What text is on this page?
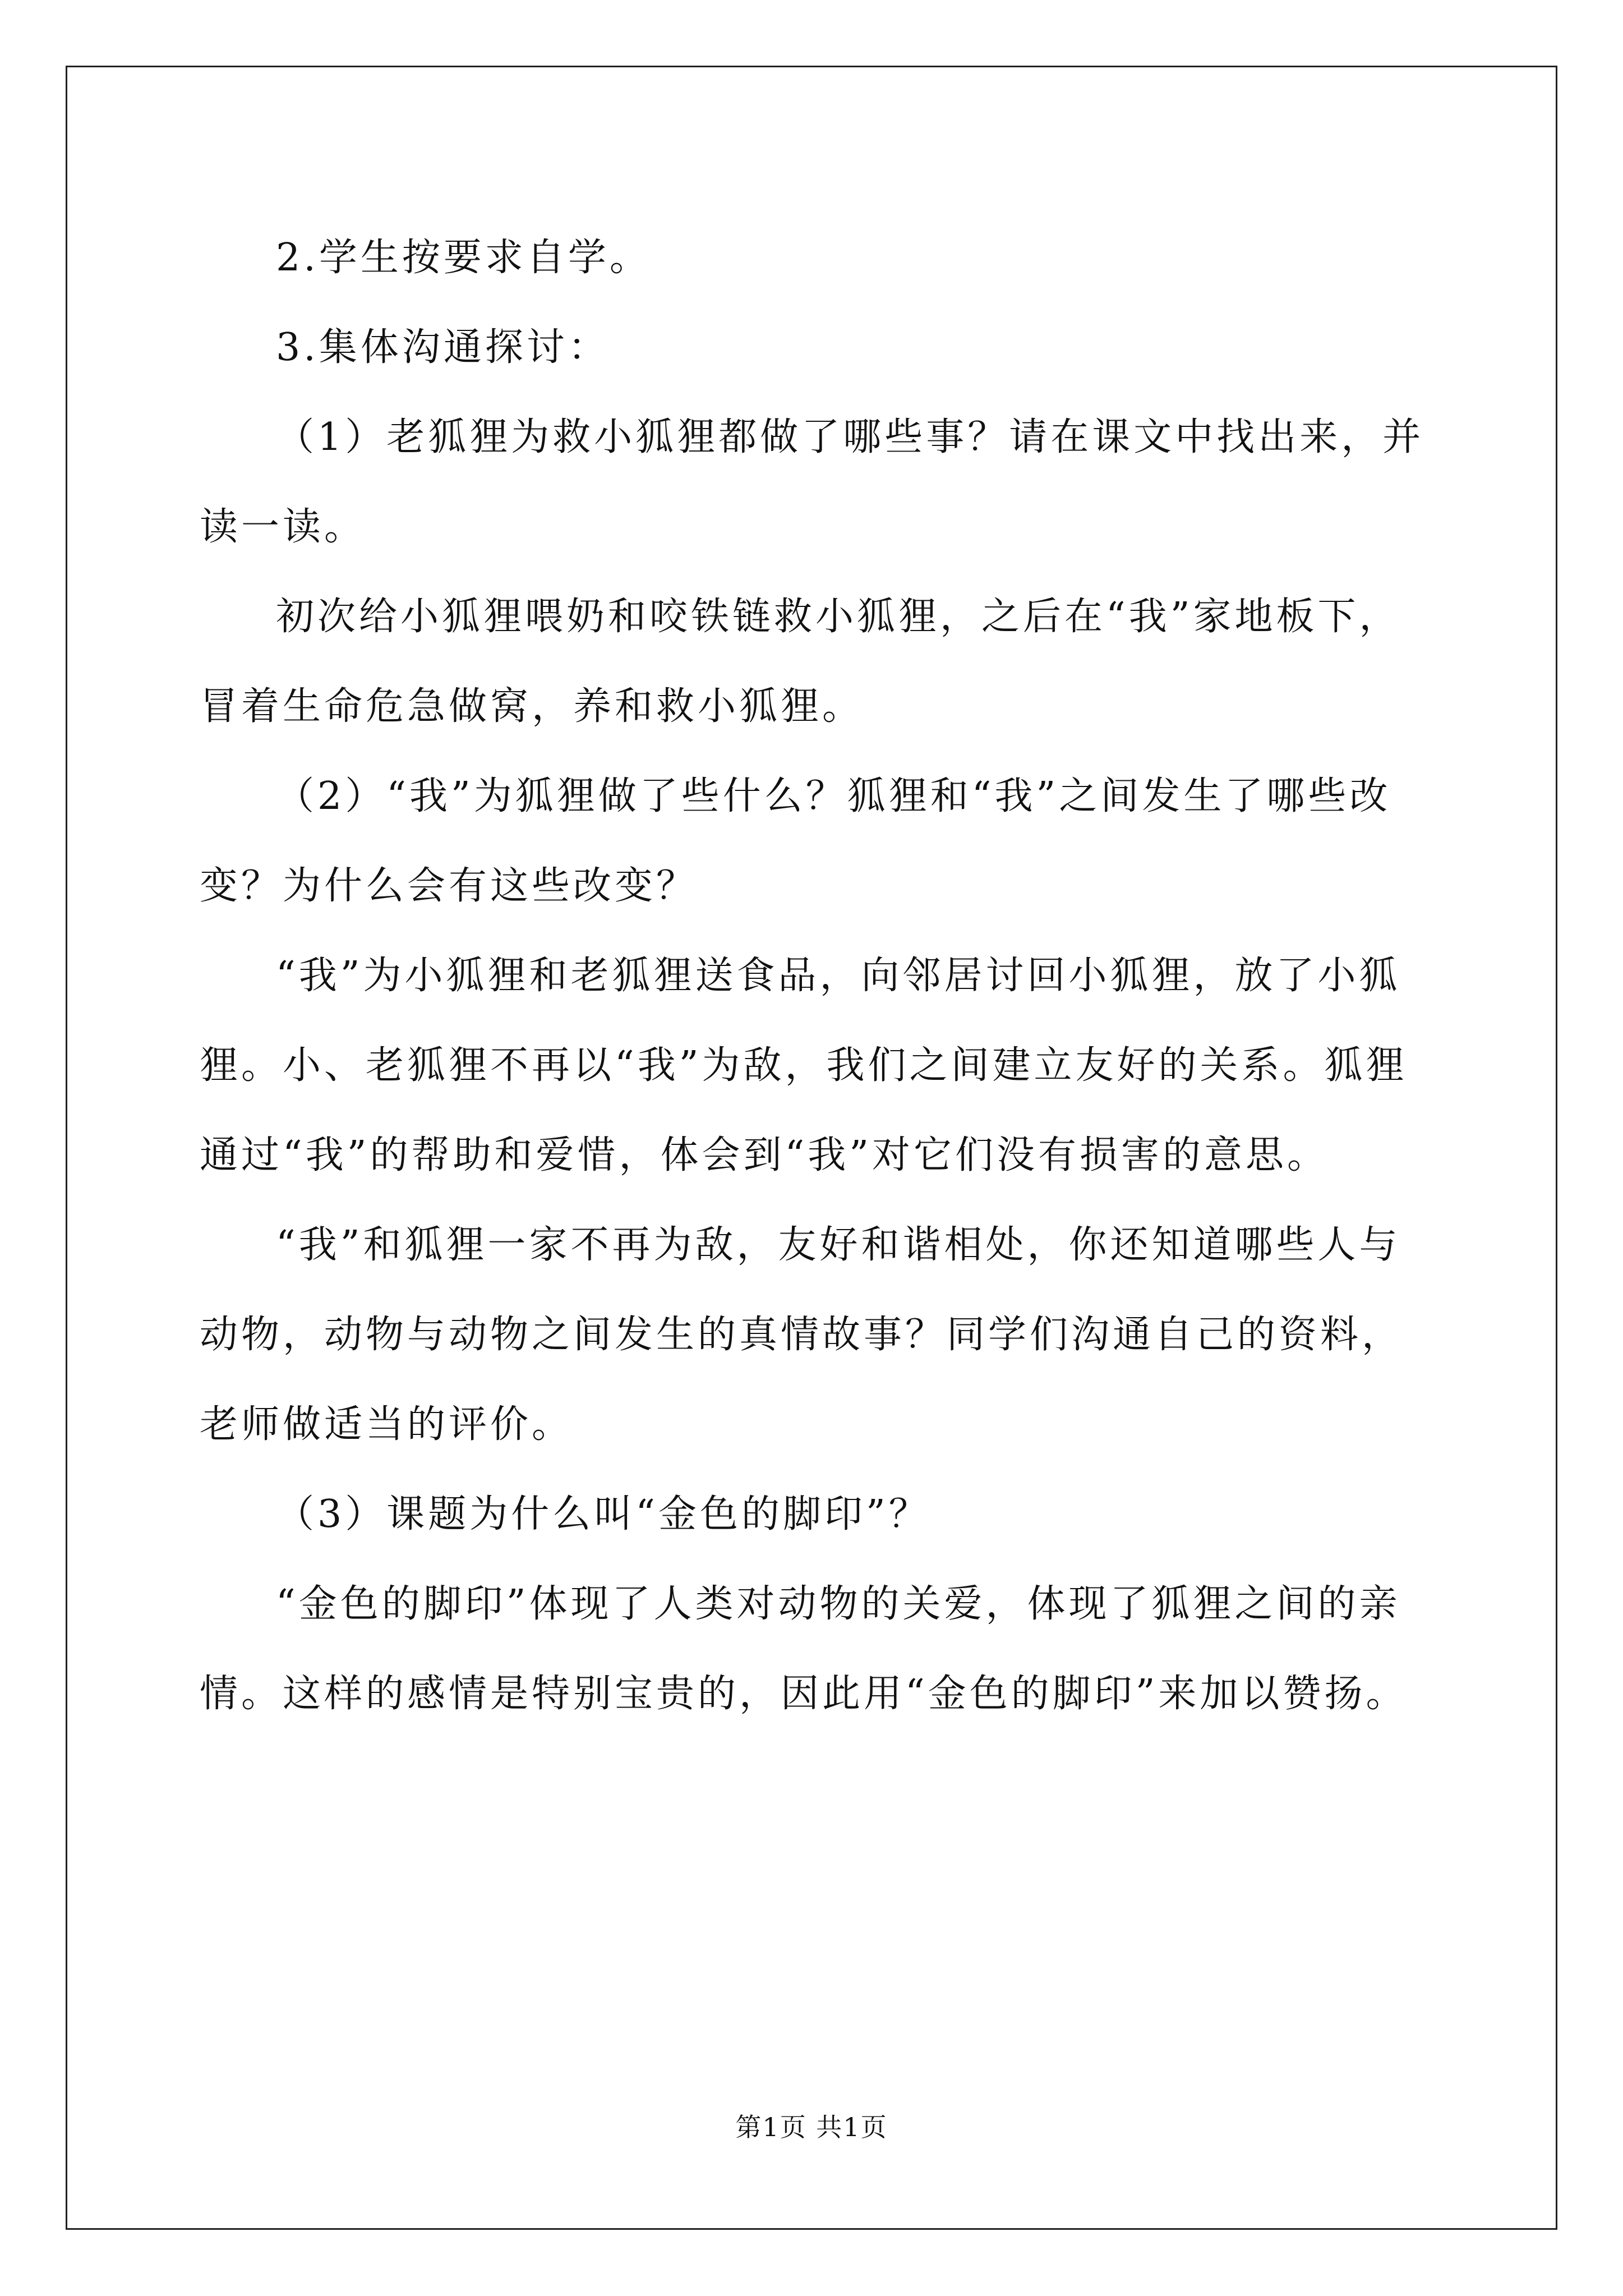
2.学生按要求自学。

3.集体沟通探讨：

（1）老狐狸为救小狐狸都做了哪些事？请在课文中找出来，并读一读。

初次给小狐狸喂奶和咬铁链救小狐狸，之后在“我”家地板下，冒着生命危急做窝，养和救小狐狸。

（2）“我”为狐狸做了些什么？狐狸和“我”之间发生了哪些改变？为什么会有这些改变？

“我”为小狐狸和老狐狸送食品，向邻居讨回小狐狸，放了小狐狸。小、老狐狸不再以“我”为敌，我们之间建立友好的关系。狐狸通过“我”的帮助和爱惜，体会到“我”对它们没有损害的意思。

“我”和狐狸一家不再为敌，友好和谐相处，你还知道哪些人与动物，动物与动物之间发生的真情故事？同学们沟通自己的资料，老师做适当的评价。

（3）课题为什么叫“金色的脚印”？

“金色的脚印”体现了人类对动物的关爱，体现了狐狸之间的亲情。这样的感情是特别宝贵的，因此用“金色的脚印”来加以赞扬。

第1页 共1页
